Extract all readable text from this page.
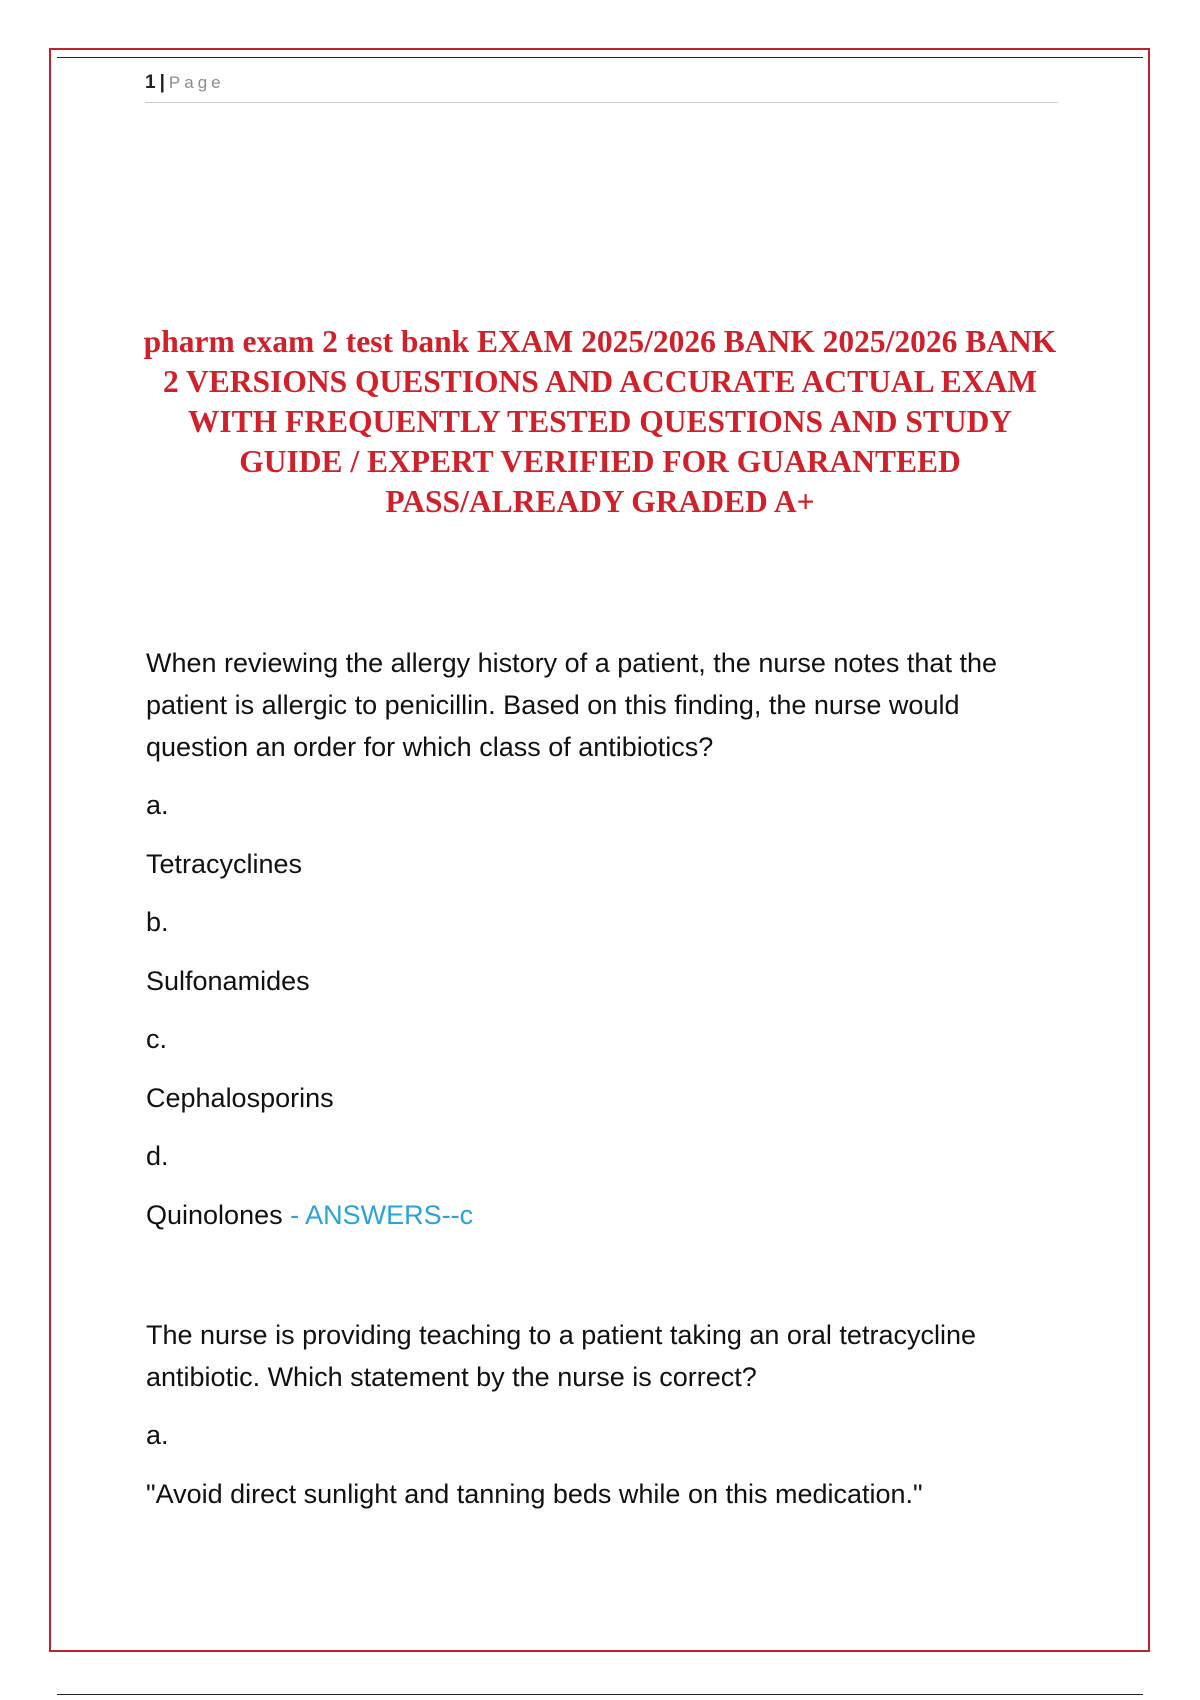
1 | Page
pharm exam 2 test bank EXAM 2025/2026 BANK 2025/2026 BANK 2 VERSIONS QUESTIONS AND ACCURATE ACTUAL EXAM WITH FREQUENTLY TESTED QUESTIONS AND STUDY GUIDE / EXPERT VERIFIED FOR GUARANTEED PASS/ALREADY GRADED A+

When reviewing the allergy history of a patient, the nurse notes that the patient is allergic to penicillin. Based on this finding, the nurse would question an order for which class of antibiotics?

a.

Tetracyclines

b.

Sulfonamides

c.

Cephalosporins

d.

Quinolones - ANSWERS--c

The nurse is providing teaching to a patient taking an oral tetracycline antibiotic. Which statement by the nurse is correct?

a.

"Avoid direct sunlight and tanning beds while on this medication."
